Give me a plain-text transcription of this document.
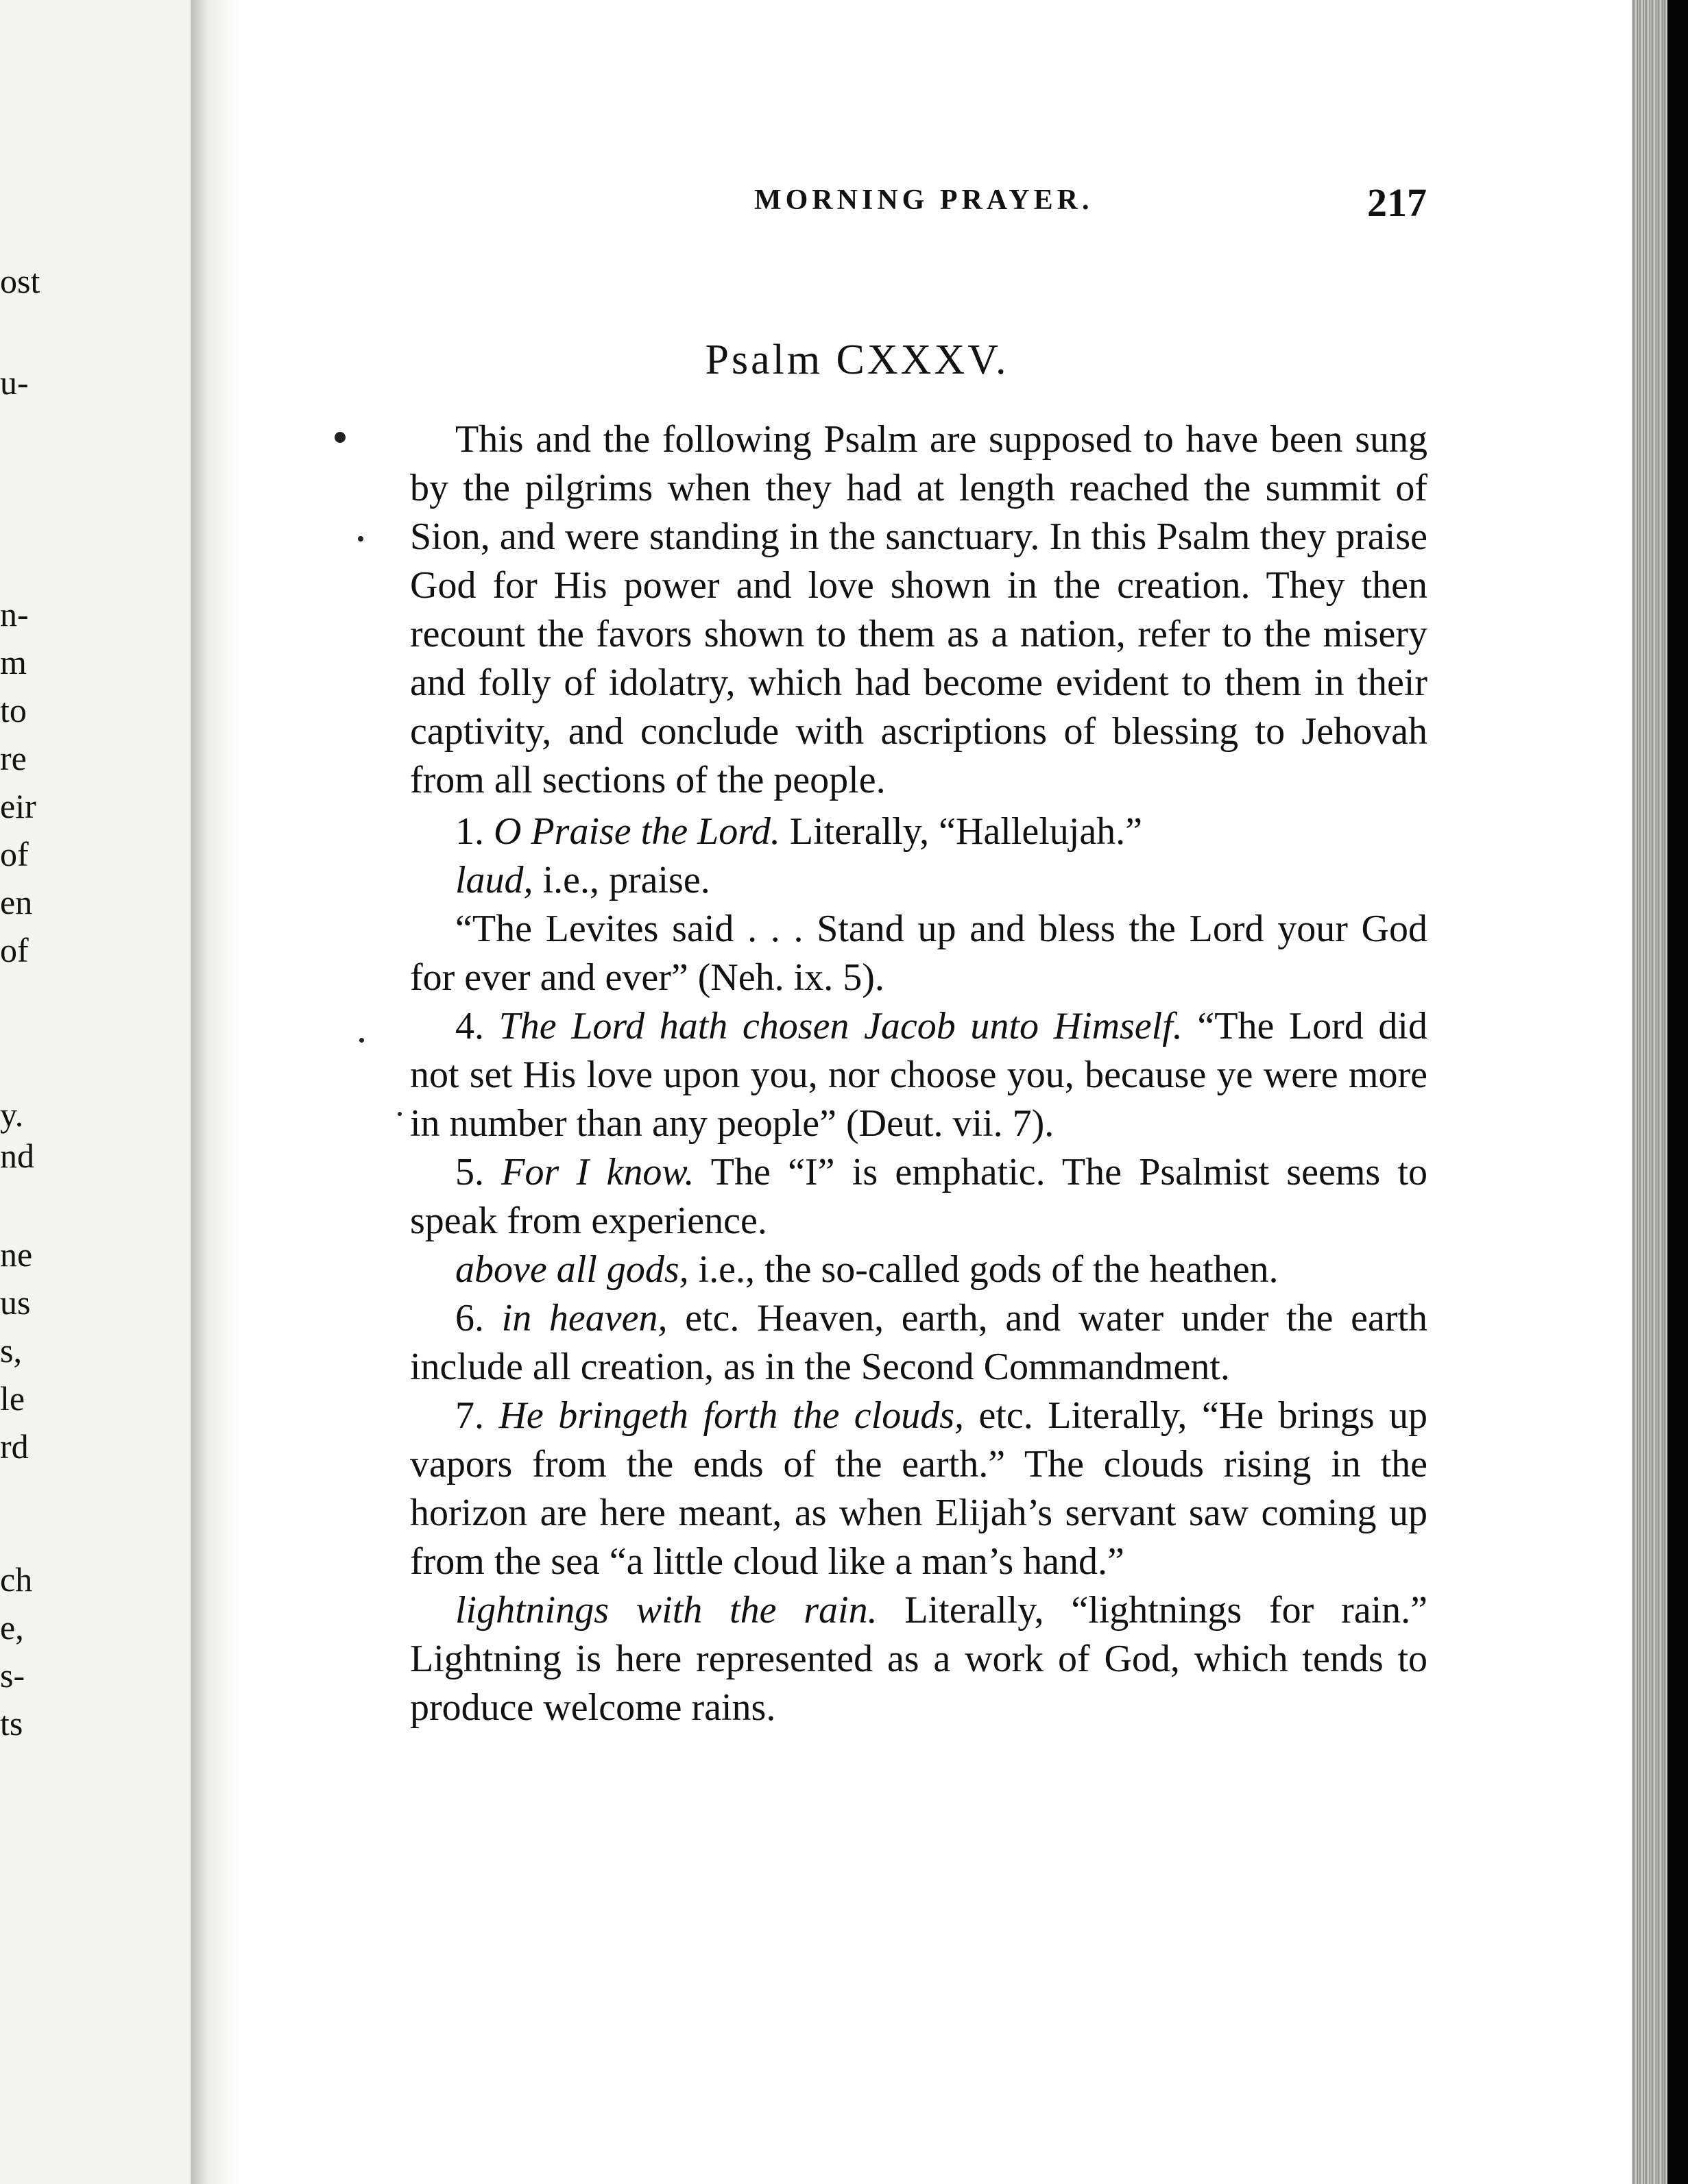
ost
u-
n-
m
to
re
eir
of
en
of
y.
nd
ne
us
s,
le
rd
ch
e,
s-
ts
MORNING PRAYER.	217
Psalm CXXXV.

This and the following Psalm are supposed to have been sung by the pilgrims when they had at length reached the summit of Sion, and were standing in the sanctuary. In this Psalm they praise God for His power and love shown in the creation. They then recount the favors shown to them as a nation, refer to the misery and folly of idolatry, which had become evident to them in their captivity, and conclude with ascriptions of blessing to Jehovah from all sections of the people.

1. O Praise the Lord. Literally, “Hallelujah.”

laud, i.e., praise.

“The Levites said . . . Stand up and bless the Lord your God for ever and ever” (Neh. ix. 5).

4. The Lord hath chosen Jacob unto Himself. “The Lord did not set His love upon you, nor choose you, because ye were more in number than any people” (Deut. vii. 7).

5. For I know. The “I” is emphatic. The Psalmist seems to speak from experience.

above all gods, i.e., the so-called gods of the heathen.

6. in heaven, etc. Heaven, earth, and water under the earth include all creation, as in the Second Commandment.

7. He bringeth forth the clouds, etc. Literally, “He brings up vapors from the ends of the earth.” The clouds rising in the horizon are here meant, as when Elijah’s servant saw coming up from the sea “a little cloud like a man’s hand.”

lightnings with the rain. Literally, “lightnings for rain.” Lightning is here represented as a work of God, which tends to produce welcome rains.
